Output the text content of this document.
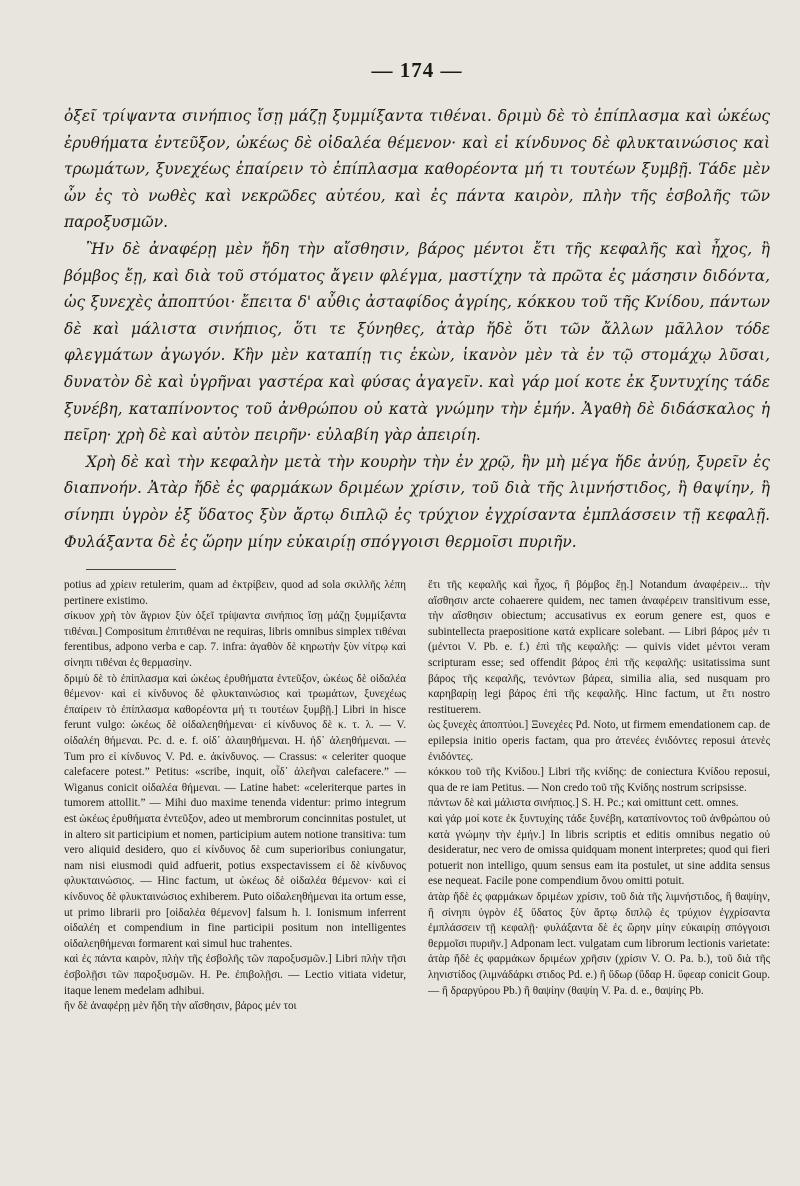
— 174 —

ὀξεῖ τρίψαντα σινήπιος ἴσῃ μάζῃ ξυμμίξαντα τιθέναι. δριμὺ δὲ τὸ ἐπίπλασμα καὶ ὠκέως ἐρυθήματα ἐντεῦξον, ὠκέως δὲ οἰδαλέα θέμενον· καὶ εἰ κίνδυνος δὲ φλυκταινώσιος καὶ τρωμάτων, ξυνεχέως ἐπαίρειν τὸ ἐπίπλασμα καθορέοντα μή τι τουτέων ξυμβῇ. Τάδε μὲν ὦν ἐς τὸ νωθὲς καὶ νεκρῶδες αὐτέου, καὶ ἐς πάντα καιρὸν, πλὴν τῆς ἐσβολῆς τῶν παροξυσμῶν.

Ἢν δὲ ἀναφέρῃ μὲν ἤδη τὴν αἴσθησιν, βάρος μέντοι ἔτι τῆς κεφαλῆς καὶ ἦχος, ἢ βόμβος ἔῃ, καὶ διὰ τοῦ στόματος ἄγειν φλέγμα, μαστίχην τὰ πρῶτα ἐς μάσησιν διδόντα, ὡς ξυνεχὲς ἀποπτύοι· ἔπειτα δ' αὖθις ἀσταφίδος ἀγρίης, κόκκου τοῦ τῆς Κνίδου, πάντων δὲ καὶ μάλιστα σινήπιος, ὅτι τε ξύνηθες, ἀτὰρ ἤδὲ ὅτι τῶν ἄλλων μᾶλλον τόδε φλεγμάτων ἀγωγόν. Κἢν μὲν καταπίῃ τις ἑκὼν, ἱκανὸν μὲν τὰ ἐν τῷ στομάχῳ λῦσαι, δυνατὸν δὲ καὶ ὑγρῆναι γαστέρα καὶ φύσας ἀγαγεῖν. καὶ γάρ μοί κοτε ἐκ ξυντυχίης τάδε ξυνέβη, καταπίνοντος τοῦ ἀνθρώπου οὐ κατὰ γνώμην τὴν ἐμήν. Ἀγαθὴ δὲ διδάσκαλος ἡ πεῖρη· χρὴ δὲ καὶ αὐτὸν πειρῆν· εὐλαβίη γὰρ ἀπειρίη.

Χρὴ δὲ καὶ τὴν κεφαλὴν μετὰ τὴν κουρὴν τὴν ἐν χρῷ, ἢν μὴ μέγα ἤδε ἀνύῃ, ξυρεῖν ἐς διαπνοήν. Ἀτὰρ ἤδὲ ἐς φαρμάκων δριμέων χρίσιν, τοῦ διὰ τῆς λιμνήστιδος, ἢ θαψίην, ἢ σίνηπι ὑγρὸν ἐξ ὕδατος ξὺν ἄρτῳ διπλῷ ἐς τρύχιον ἐγχρίσαντα ἐμπλάσσειν τῇ κεφαλῇ. Φυλάξαντα δὲ ἐς ὥρην μίην εὐκαιρίῃ σπόγγοισι θερμοῖσι πυριῆν.

potius ad χρίειν retulerim, quam ad ἐκτρίβειν, quod ad sola σκιλλῆς λέπη pertinere existimo.

σίκυον χρὴ τὸν ἄγριον ξὺν ὀξεῖ τρίψαντα σινήπιος ἴσῃ μάζῃ ξυμμίξαντα τιθέναι.] Compositum ἐπιτιθέναι ne requiras, libris omnibus simplex τιθέναι ferentibus, adpono verba e cap. 7. infra: ἀγαθὸν δὲ κηρωτὴν ξὺν νίτρῳ καὶ σίνηπι τιθέναι ἐς θερμασίην.

δριμὺ δὲ τὸ ἐπίπλασμα καὶ ὠκέως ἐρυθήματα ἐντεῦξον, ὠκέως δὲ οἰδαλέα θέμενον· καὶ εἰ κίνδυνος δὲ φλυκταινώσιος καὶ τρωμάτων, ξυνεχέως ἐπαίρειν τὸ ἐπίπλασμα καθορέοντα μή τι τουτέων ξυμβῇ.] Libri in hisce ferunt vulgo: ὠκέως δὲ οἰδαλεηθήμεναι· εἰ κίνδυνος δὲ κ. τ. λ. — V. οἰδαλέη θήμεναι. Pc. d. e. f. οἰδ᾽ ἀλαιηθήμεναι. H. ἠδ᾽ ἀλεηθήμεναι. — Tum pro εἰ κίνδυνος V. Pd. e. ἀκίνδυνος. — Crassus: « celeriter quoque calefacere potest.” Petitus: «scribe, inquit, οἶδ᾽ ἀλεῆναι calefacere.” — Wiganus conicit οἰδαλέα θήμεναι. — Latine habet: «celeriterque partes in tumorem attollit.” — Mihi duo maxime tenenda videntur: primo integrum est ὠκέως ἐρυθήματα ἐντεῦξον, adeo ut membrorum concinnitas postulet, ut in altero sit participium et nomen, participium autem notione transitiva: tum vero aliquid desidero, quo εἰ κίνδυνος δὲ cum superioribus coniungatur, nam nisi eiusmodi quid adfuerit, potius exspectavissem εἰ δὲ κίνδυνος φλυκταινώσιος. — Hinc factum, ut ὠκέως δὲ οἰδαλέα θέμενον· καὶ εἰ κίνδυνος δὲ φλυκταινώσιος exhiberem. Puto οἰδαλεηθήμεναι ita ortum esse, ut primo librarii pro [οἰδαλέα θέμενον] falsum h. l. Ionismum inferrent οἰδαλέη et compendium in fine participii positum non intelligentes οἰδαλεηθήμεναι formarent καὶ simul huc trahentes.

καὶ ἐς πάντα καιρὸν, πλὴν τῆς ἐσβολῆς τῶν παροξυσμῶν.] Libri πλὴν τῆσι ἐσβολῇσι τῶν παροξυσμῶν. H. Pe. ἐπιβολῇσι. — Lectio vitiata videtur, itaque lenem medelam adhibui.

ἢν δὲ ἀναφέρῃ μὲν ἤδη τὴν αἴσθησιν, βάρος μέν τοι

ἔτι τῆς κεφαλῆς καὶ ἦχος, ἢ βόμβος ἔῃ.] Notandum ἀναφέρειν... τὴν αἴσθησιν arcte cohaerere quidem, nec tamen ἀναφέρειν transitivum esse, τὴν αἴσθησιν obiectum; accusativus ex eorum genere est, quos e subintellecta praepositione κατά explicare solebant. — Libri βάρος μέν τι (μέντοι V. Pb. e. f.) ἐπὶ τῆς κεφαλῆς: — quivis videt μέντοι veram scripturam esse; sed offendit βάρος ἐπὶ τῆς κεφαλῆς: usitatissima sunt βάρος τῆς κεφαλῆς, τενόντων βάρεα, similia alia, sed nusquam pro καρηβαρίῃ legi βάρος ἐπὶ τῆς κεφαλῆς. Hinc factum, ut ἔτι nostro restituerem.

ὡς ξυνεχὲς ἀποπτύοι.] Ξυνεχέες Pd. Noto, ut firmem emendationem cap. de epilepsia initio operis factam, qua pro ἀτενέες ἐνιδόντες reposui ἀτενὲς ἐνιδόντες.

κόκκου τοῦ τῆς Κνίδου.] Libri τῆς κνίδης: de coniectura Κνίδου reposui, qua de re iam Petitus. — Non credo τοῦ τῆς Κνίδης nostrum scripsisse.

πάντων δὲ καὶ μάλιστα σινήπιος.] S. H. Pc.; καὶ omittunt cett. omnes.

καὶ γάρ μοί κοτε ἐκ ξυντυχίης τάδε ξυνέβη, καταπίνοντος τοῦ ἀνθρώπου οὐ κατὰ γνώμην τὴν ἐμήν.] In libris scriptis et editis omnibus negatio οὐ desideratur, nec vero de omissa quidquam monent interpretes; quod qui fieri potuerit non intelligo, quum sensus eam ita postulet, ut sine addita sensus ese nequeat. Facile pone compendium ὅνου omitti potuit.

ἀτὰρ ἤδὲ ἐς φαρμάκων δριμέων χρίσιν, τοῦ διὰ τῆς λιμνήστιδος, ἢ θαψίην, ἢ σίνηπι ὑγρὸν ἐξ ὕδατος ξὺν ἄρτῳ διπλῷ ἐς τρύχιον ἐγχρίσαντα ἐμπλάσσειν τῇ κεφαλῇ· φυλάξαντα δὲ ἐς ὥρην μίην εὐκαιρίῃ σπόγγοισι θερμοῖσι πυριῆν.] Adponam lect. vulgatam cum librorum lectionis varietate: ἀτὰρ ἤδὲ ἐς φαρμάκων δριμέων χρῆσιν (χρίσιν V. O. Pa. b.), τοῦ διὰ τῆς ληνιστίδος (λιμνάδάρκι στιδος Pd. e.) ἢ ὕδωρ (ὕδαρ H. ὕφεαρ conicit Goup. — ἢ δραργύρου Pb.) ἢ θαψίην (θαψίη V. Pa. d. e., θαψίης Pb.
